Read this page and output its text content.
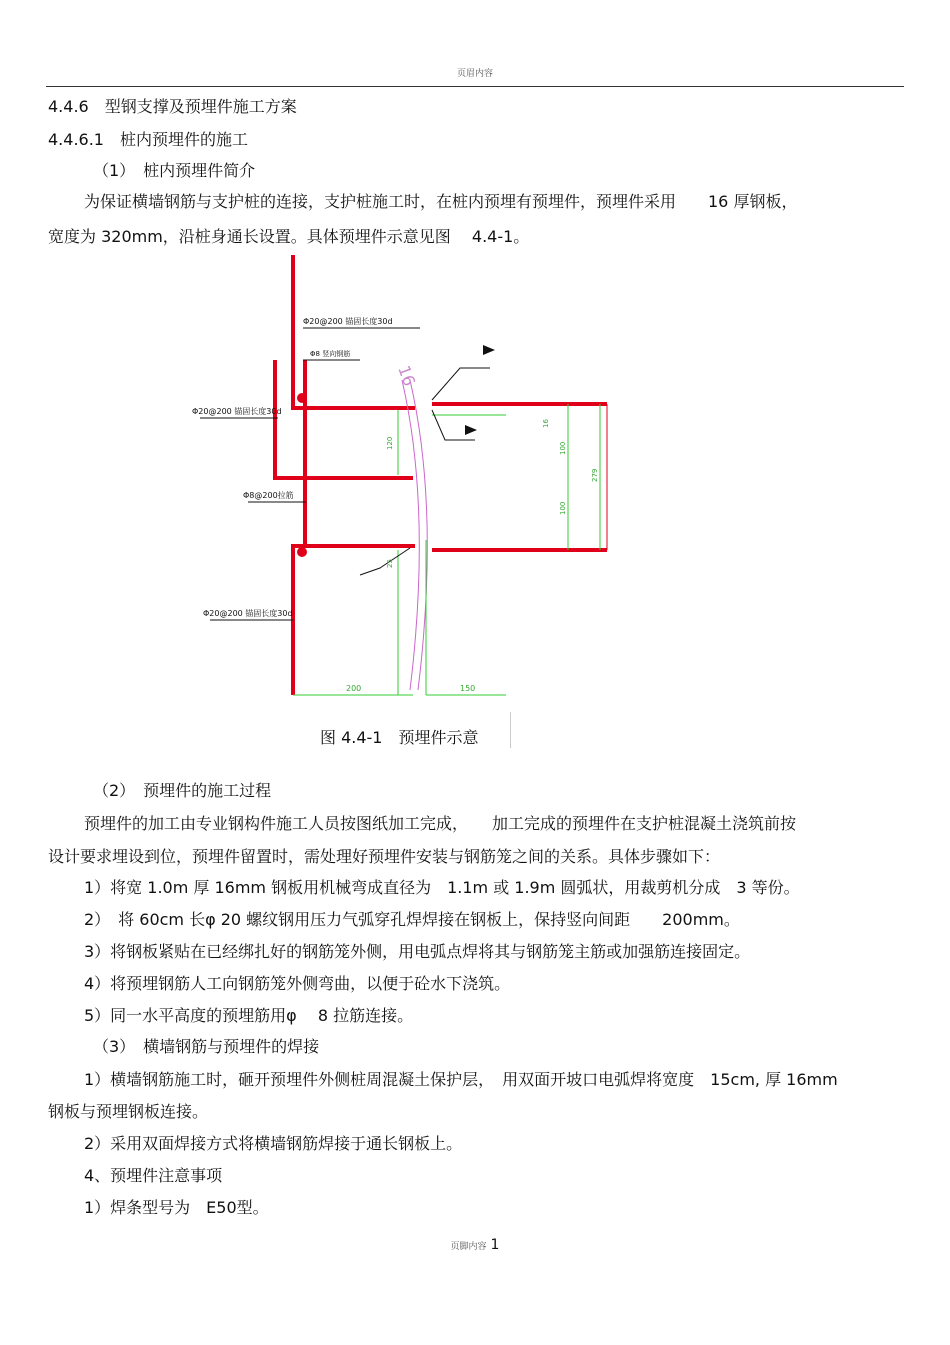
页眉内容
4.4.6　型钢支撑及预埋件施工方案
4.4.6.1　桩内预埋件的施工
（1）　桩内预埋件简介
为保证横墙钢筋与支护桩的连接，支护桩施工时，在桩内预埋有预埋件，预埋件采用　　16 厚钢板，
宽度为 320mm，沿桩身通长设置。具体预埋件示意见图　 4.4-1。
16
Φ20@200 锚固长度30d
Φ8 竖向钢筋
Φ20@200 锚固长度30d
Φ8@200拉筋
Φ20@200 锚固长度30d
120
16
100
100
279
25
200	150
图 4.4-1　预埋件示意
（2）　预埋件的施工过程
预埋件的加工由专业钢构件施工人员按图纸加工完成，　　加工完成的预埋件在支护桩混凝土浇筑前按
设计要求埋设到位，预埋件留置时，需处理好预埋件安装与钢筋笼之间的关系。具体步骤如下：
1）将宽 1.0m 厚 16mm 钢板用机械弯成直径为　1.1m 或 1.9m 圆弧状，用裁剪机分成　3 等份。
2）　将 60cm 长φ 20 螺纹钢用压力气弧穿孔焊焊接在钢板上，保持竖向间距　　200mm。
3）将钢板紧贴在已经绑扎好的钢筋笼外侧，用电弧点焊将其与钢筋笼主筋或加强筋连接固定。
4）将预埋钢筋人工向钢筋笼外侧弯曲，以便于砼水下浇筑。
5）同一水平高度的预埋筋用φ　 8 拉筋连接。
（3）　横墙钢筋与预埋件的焊接
1）横墙钢筋施工时，砸开预埋件外侧桩周混凝土保护层，　用双面开坡口电弧焊将宽度　15cm, 厚 16mm
钢板与预埋钢板连接。
2）采用双面焊接方式将横墙钢筋焊接于通长钢板上。
4、预埋件注意事项
1）焊条型号为　E50型。
页脚内容 1
